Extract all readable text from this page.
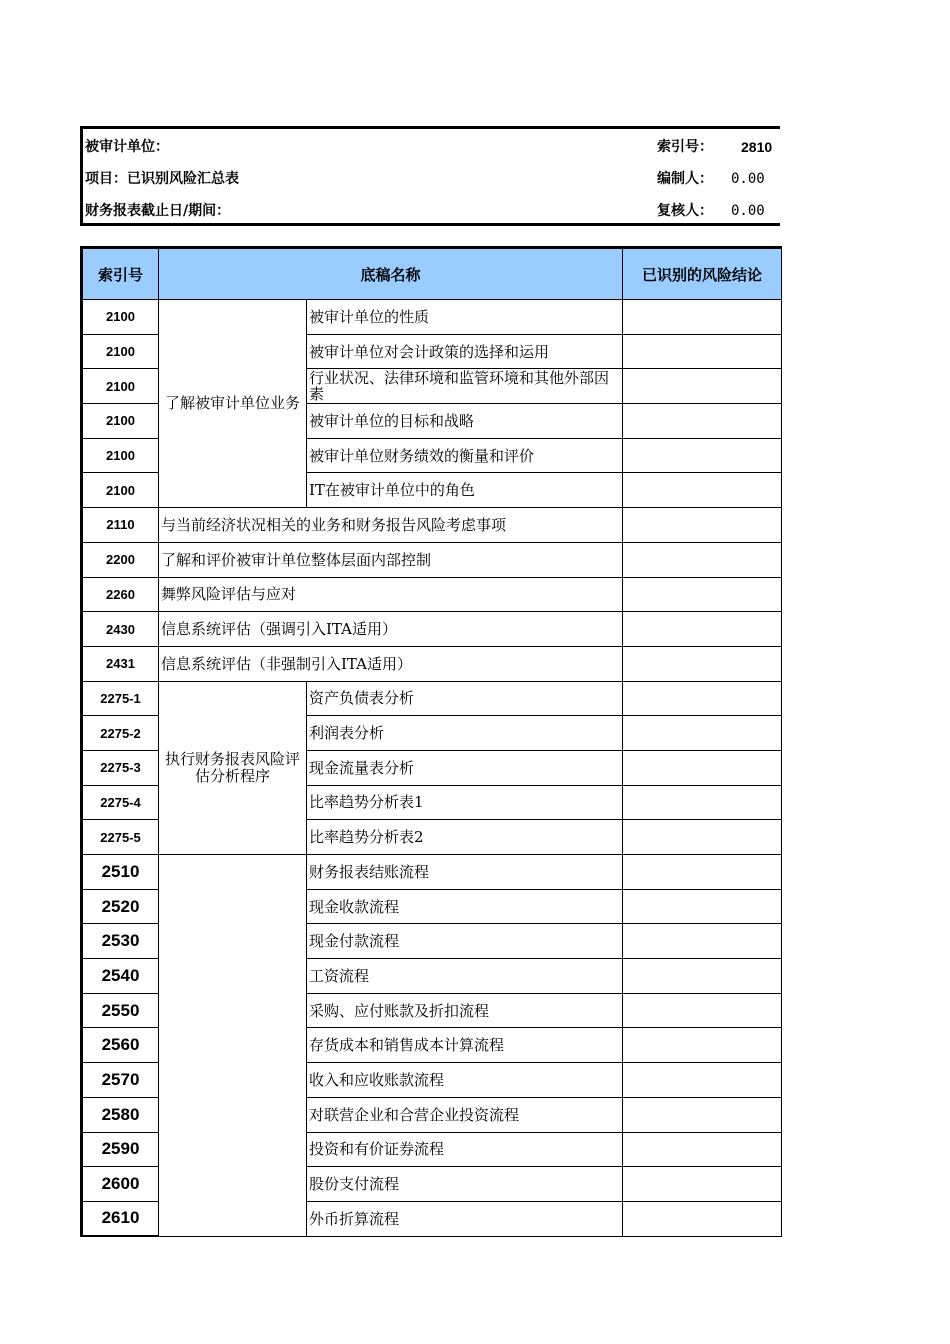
被审计单位：	索引号： 2810
项目：已识别风险汇总表	编制人： 0.00
财务报表截止日/期间：	复核人： 0.00
索引号	底稿名称		已识别的风险结论
2100	了解被审计单位业务	被审计单位的性质	
2100		被审计单位对会计政策的选择和运用	
2100		行业状况、法律环境和监管环境和其他外部因素	
2100		被审计单位的目标和战略	
2100		被审计单位财务绩效的衡量和评价	
2100		IT在被审计单位中的角色	
2110	与当前经济状况相关的业务和财务报告风险考虑事项		
2200	了解和评价被审计单位整体层面内部控制		
2260	舞弊风险评估与应对		
2430	信息系统评估（强调引入ITA适用）		
2431	信息系统评估（非强制引入ITA适用）		
2275-1	执行财务报表风险评估分析程序	资产负债表分析	
2275-2		利润表分析	
2275-3		现金流量表分析	
2275-4		比率趋势分析表1	
2275-5		比率趋势分析表2	
2510		财务报表结账流程	
2520		现金收款流程	
2530		现金付款流程	
2540		工资流程	
2550		采购、应付账款及折扣流程	
2560		存货成本和销售成本计算流程	
2570		收入和应收账款流程	
2580		对联营企业和合营企业投资流程	
2590		投资和有价证券流程	
2600		股份支付流程	
2610		外币折算流程	
